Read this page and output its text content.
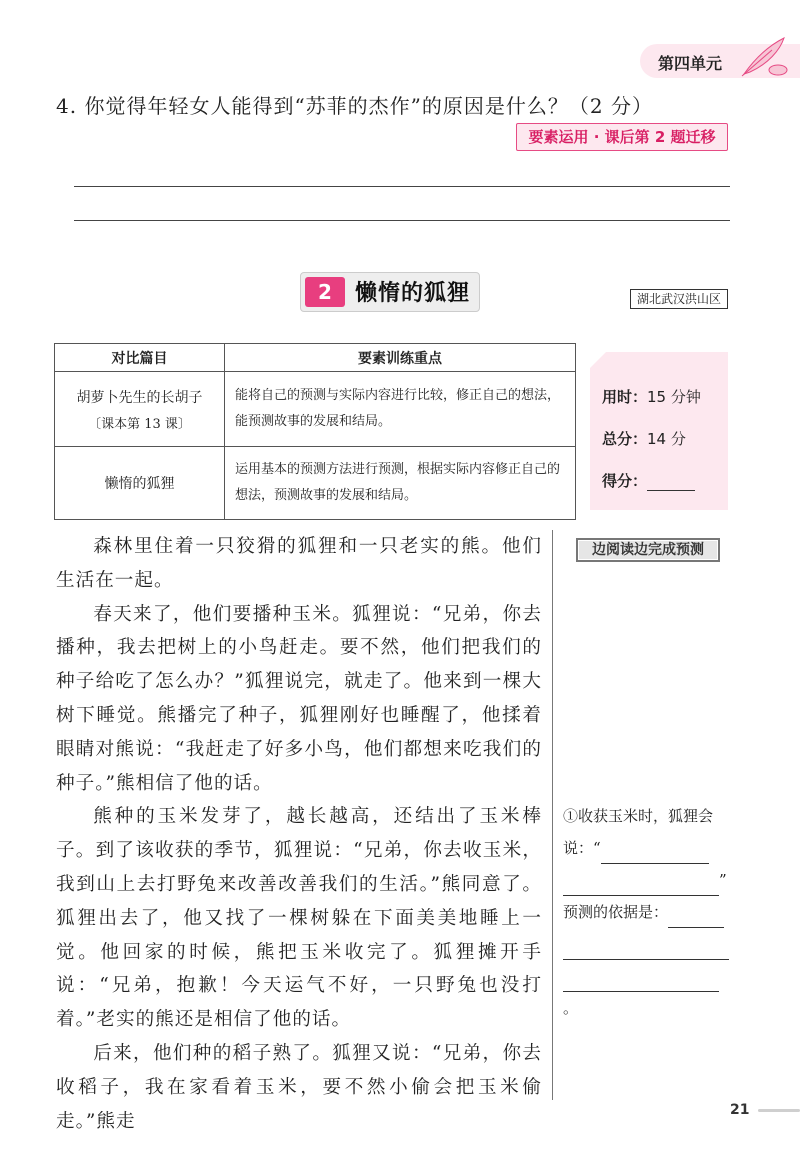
第四单元
4. 你觉得年轻女人能得到“苏菲的杰作”的原因是什么？（2 分）
要素运用 · 课后第 2 题迁移
2	懒惰的狐狸	湖北武汉洪山区
对比篇目	要素训练重点
胡萝卜先生的长胡子
〔课本第 13 课〕	能将自己的预测与实际内容进行比较，修正自己的想法，能预测故事的发展和结局。
懒惰的狐狸	运用基本的预测方法进行预测，根据实际内容修正自己的想法，预测故事的发展和结局。
用时：15 分钟
总分：14 分
得分：

森林里住着一只狡猾的狐狸和一只老实的熊。他们生活在一起。

春天来了，他们要播种玉米。狐狸说：“兄弟，你去播种，我去把树上的小鸟赶走。要不然，他们把我们的种子给吃了怎么办？”狐狸说完，就走了。他来到一棵大树下睡觉。熊播完了种子，狐狸刚好也睡醒了，他揉着眼睛对熊说：“我赶走了好多小鸟，他们都想来吃我们的种子。”熊相信了他的话。

熊种的玉米发芽了，越长越高，还结出了玉米棒子。到了该收获的季节，狐狸说：“兄弟，你去收玉米，我到山上去打野兔来改善改善我们的生活。”熊同意了。狐狸出去了，他又找了一棵树躲在下面美美地睡上一觉。他回家的时候，熊把玉米收完了。狐狸摊开手说：“兄弟，抱歉！今天运气不好，一只野兔也没打着。”老实的熊还是相信了他的话。

后来，他们种的稻子熟了。狐狸又说：“兄弟，你去收稻子，我在家看着玉米，要不然小偷会把玉米偷走。”熊走

边阅读边完成预测
①收获玉米时，狐狸会说：“
”
预测的依据是：
。
21
